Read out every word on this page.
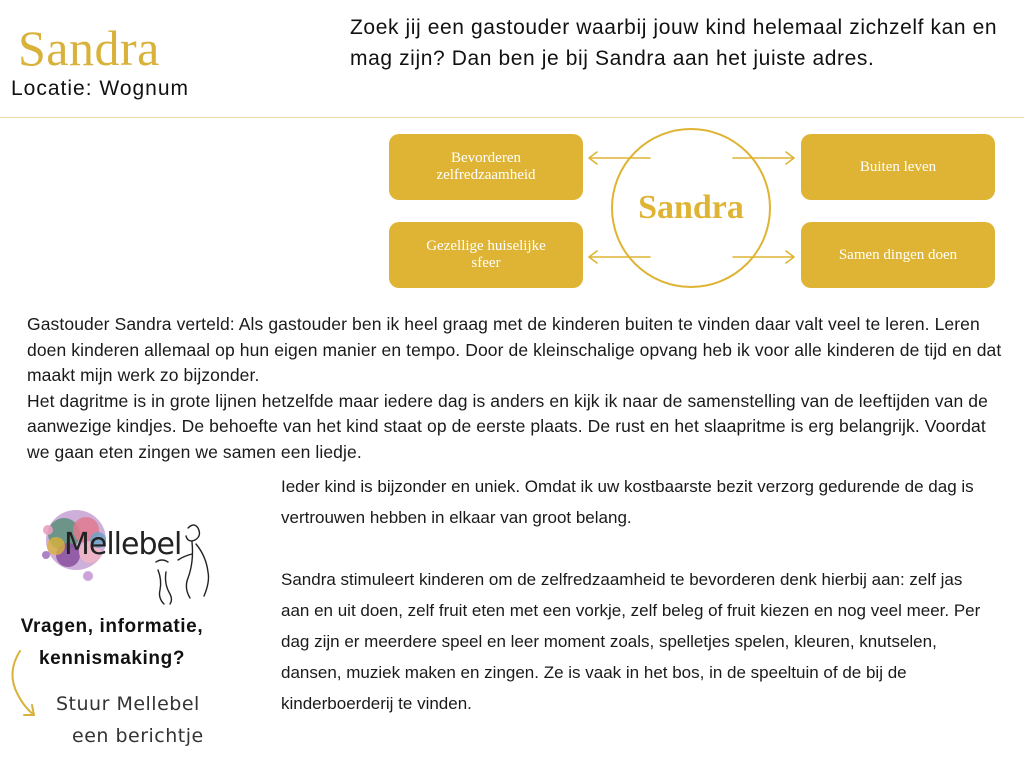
Sandra
Locatie: Wognum
Zoek jij een gastouder waarbij jouw kind helemaal zichzelf kan en mag zijn? Dan ben je bij Sandra aan het juiste adres.
Bevorderen zelfredzaamheid
Gezellige huiselijke sfeer
Buiten leven
Samen dingen doen
Sandra

Gastouder Sandra verteld: Als gastouder ben ik heel graag met de kinderen buiten te vinden daar valt veel te leren. Leren doen kinderen allemaal op hun eigen manier en tempo. Door de kleinschalige opvang heb ik voor alle kinderen de tijd en dat maakt mijn werk zo bijzonder.

Het dagritme is in grote lijnen hetzelfde maar iedere dag is anders en kijk ik naar de samenstelling van de leeftijden van de aanwezige kindjes. De behoefte van het kind staat op de eerste plaats. De rust en het slaapritme is erg belangrijk. Voordat we gaan eten zingen we samen een liedje.

Ieder kind is bijzonder en uniek. Omdat ik uw kostbaarste bezit verzorg gedurende de dag is vertrouwen hebben in elkaar van groot belang.

Sandra stimuleert kinderen om de zelfredzaamheid te bevorderen denk hierbij aan: zelf jas aan en uit doen, zelf fruit eten met een vorkje, zelf beleg of fruit kiezen en nog veel meer. Per dag zijn er meerdere speel en leer moment zoals, spelletjes spelen, kleuren, knutselen, dansen, muziek maken en zingen. Ze is vaak in het bos, in de speeltuin of de bij de kinderboerderij te vinden.

Mellebel
Vragen, informatie, kennismaking?
Stuur Mellebel
een berichtje
